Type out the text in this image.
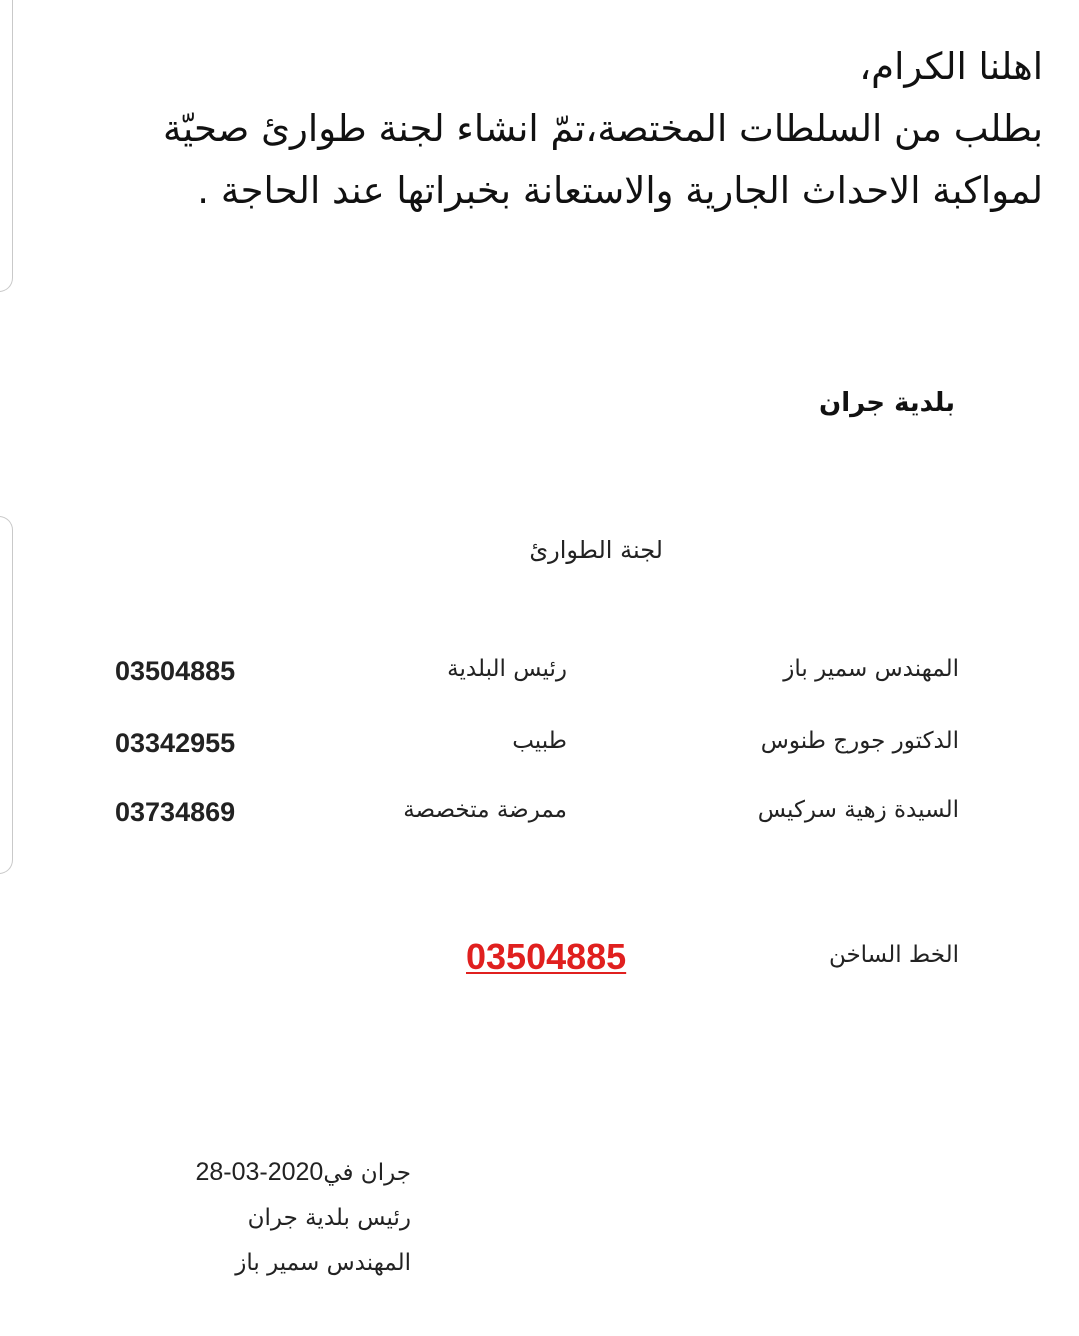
اهلنا الكرام،
بطلب من السلطات المختصة،تمّ انشاء لجنة طوارئ صحيّة
لمواكبة الاحداث الجارية والاستعانة بخبراتها عند الحاجة .
بلدية جران
لجنة الطوارئ
المهندس سمير باز
رئيس البلدية
03504885
الدكتور جورج طنوس
طبيب
03342955
السيدة زهية سركيس
ممرضة متخصصة
03734869
الخط الساخن
03504885
جران في28-03-2020
رئيس بلدية جران
المهندس سمير باز
